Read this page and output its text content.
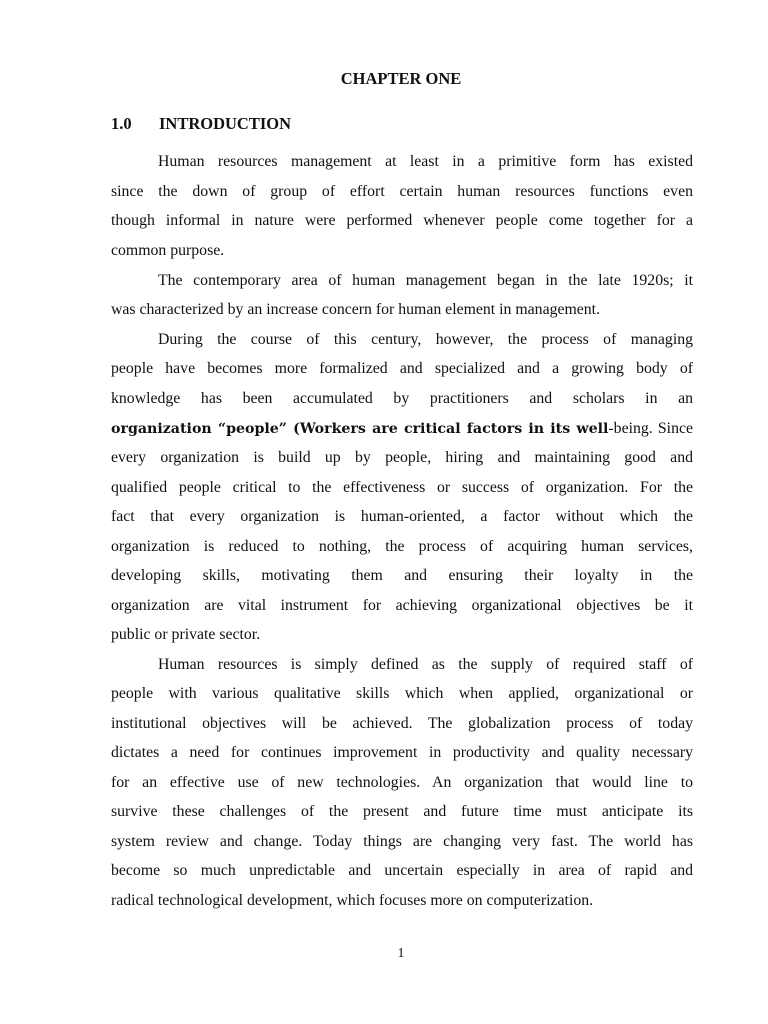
CHAPTER ONE
1.0 INTRODUCTION
Human resources management at least in a primitive form has existed
since the down of group of effort certain human resources functions even
though informal in nature were performed whenever people come together for a
common purpose.
The contemporary area of human management began in the late 1920s; it
was characterized by an increase concern for human element in management.
During the course of this century, however, the process of managing
people have becomes more formalized and specialized and a growing body of
knowledge has been accumulated by practitioners and scholars in an
organization “people” (Workers are critical factors in its well-being. Since
every organization is build up by people, hiring and maintaining good and
qualified people critical to the effectiveness or success of organization. For the
fact that every organization is human-oriented, a factor without which the
organization is reduced to nothing, the process of acquiring human services,
developing skills, motivating them and ensuring their loyalty in the
organization are vital instrument for achieving organizational objectives be it
public or private sector.
Human resources is simply defined as the supply of required staff of
people with various qualitative skills which when applied, organizational or
institutional objectives will be achieved. The globalization process of today
dictates a need for continues improvement in productivity and quality necessary
for an effective use of new technologies. An organization that would line to
survive these challenges of the present and future time must anticipate its
system review and change. Today things are changing very fast. The world has
become so much unpredictable and uncertain especially in area of rapid and
radical technological development, which focuses more on computerization.
1
